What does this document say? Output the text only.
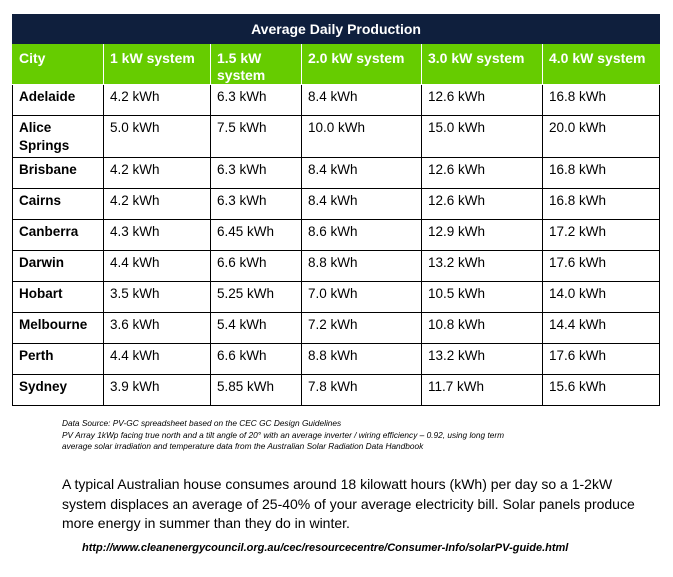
Average Daily Production					
City	1 kW system	1.5 kW system	2.0 kW system	3.0 kW system	4.0 kW system
Adelaide	4.2 kWh	6.3 kWh	8.4 kWh	12.6 kWh	16.8 kWh
Alice Springs	5.0 kWh	7.5 kWh	10.0 kWh	15.0 kWh	20.0 kWh
Brisbane	4.2 kWh	6.3 kWh	8.4 kWh	12.6 kWh	16.8 kWh
Cairns	4.2 kWh	6.3 kWh	8.4 kWh	12.6 kWh	16.8 kWh
Canberra	4.3 kWh	6.45 kWh	8.6 kWh	12.9 kWh	17.2 kWh
Darwin	4.4 kWh	6.6 kWh	8.8 kWh	13.2 kWh	17.6 kWh
Hobart	3.5 kWh	5.25 kWh	7.0 kWh	10.5 kWh	14.0 kWh
Melbourne	3.6 kWh	5.4 kWh	7.2 kWh	10.8 kWh	14.4 kWh
Perth	4.4 kWh	6.6 kWh	8.8 kWh	13.2 kWh	17.6 kWh
Sydney	3.9 kWh	5.85 kWh	7.8 kWh	11.7 kWh	15.6 kWh
Data Source: PV-GC spreadsheet based on the CEC GC Design Guidelines
PV Array 1kWp facing true north and a tilt angle of 20° with an average inverter / wiring efficiency – 0.92, using long term
average solar irradiation and temperature data from the Australian Solar Radiation Data Handbook
A typical Australian house consumes around 18 kilowatt hours (kWh) per day so a 1-2kW system displaces an average of 25-40% of your average electricity bill. Solar panels produce more energy in summer than they do in winter.
http://www.cleanenergycouncil.org.au/cec/resourcecentre/Consumer-Info/solarPV-guide.html
